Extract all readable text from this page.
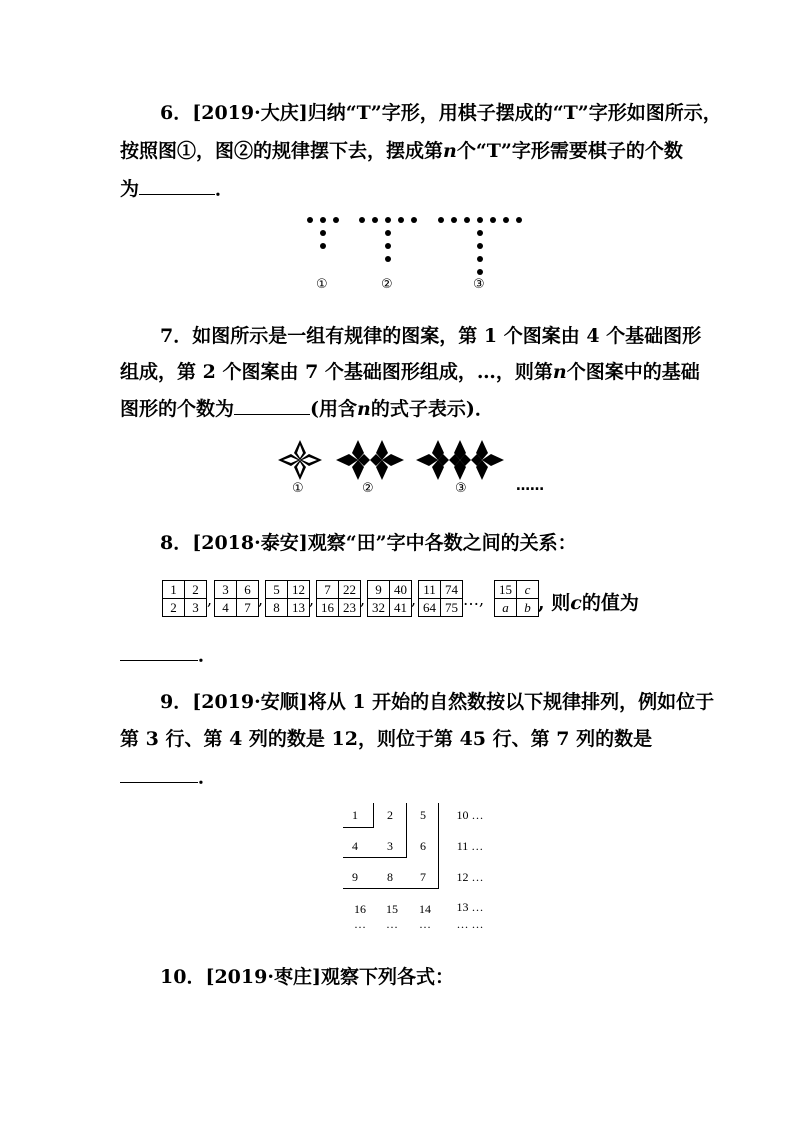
6．[2019·大庆]归纳“T”字形，用棋子摆成的“T”字形如图所示，
按照图①，图②的规律摆下去，摆成第n个“T”字形需要棋子的个数
为	．
①	②	③
7．如图所示是一组有规律的图案，第 1 个图案由 4 个基础图形
组成，第 2 个图案由 7 个基础图形组成，…，则第n个图案中的基础
图形的个数为	(用含n的式子表示)．
①	②	③	……
8．[2018·泰安]观察“田”字中各数之间的关系：
1	2
2	3 ,
3	6
4	7 ,
5	12
8	13 ,
7	22
16	23 ,
9	40
32	41 ,
11	74
64	75 …,
15	c
a	b , 则c的值为
．
9．[2019·安顺]将从 1 开始的自然数按以下规律排列，例如位于
第 3 行、第 4 列的数是 12，则位于第 45 行、第 7 列的数是
．
1	2	5	10 …
4	3	6	11 …
9	8	7	12 …
16	15	14	13 …
…	…	…	… …
10．[2019·枣庄]观察下列各式：
